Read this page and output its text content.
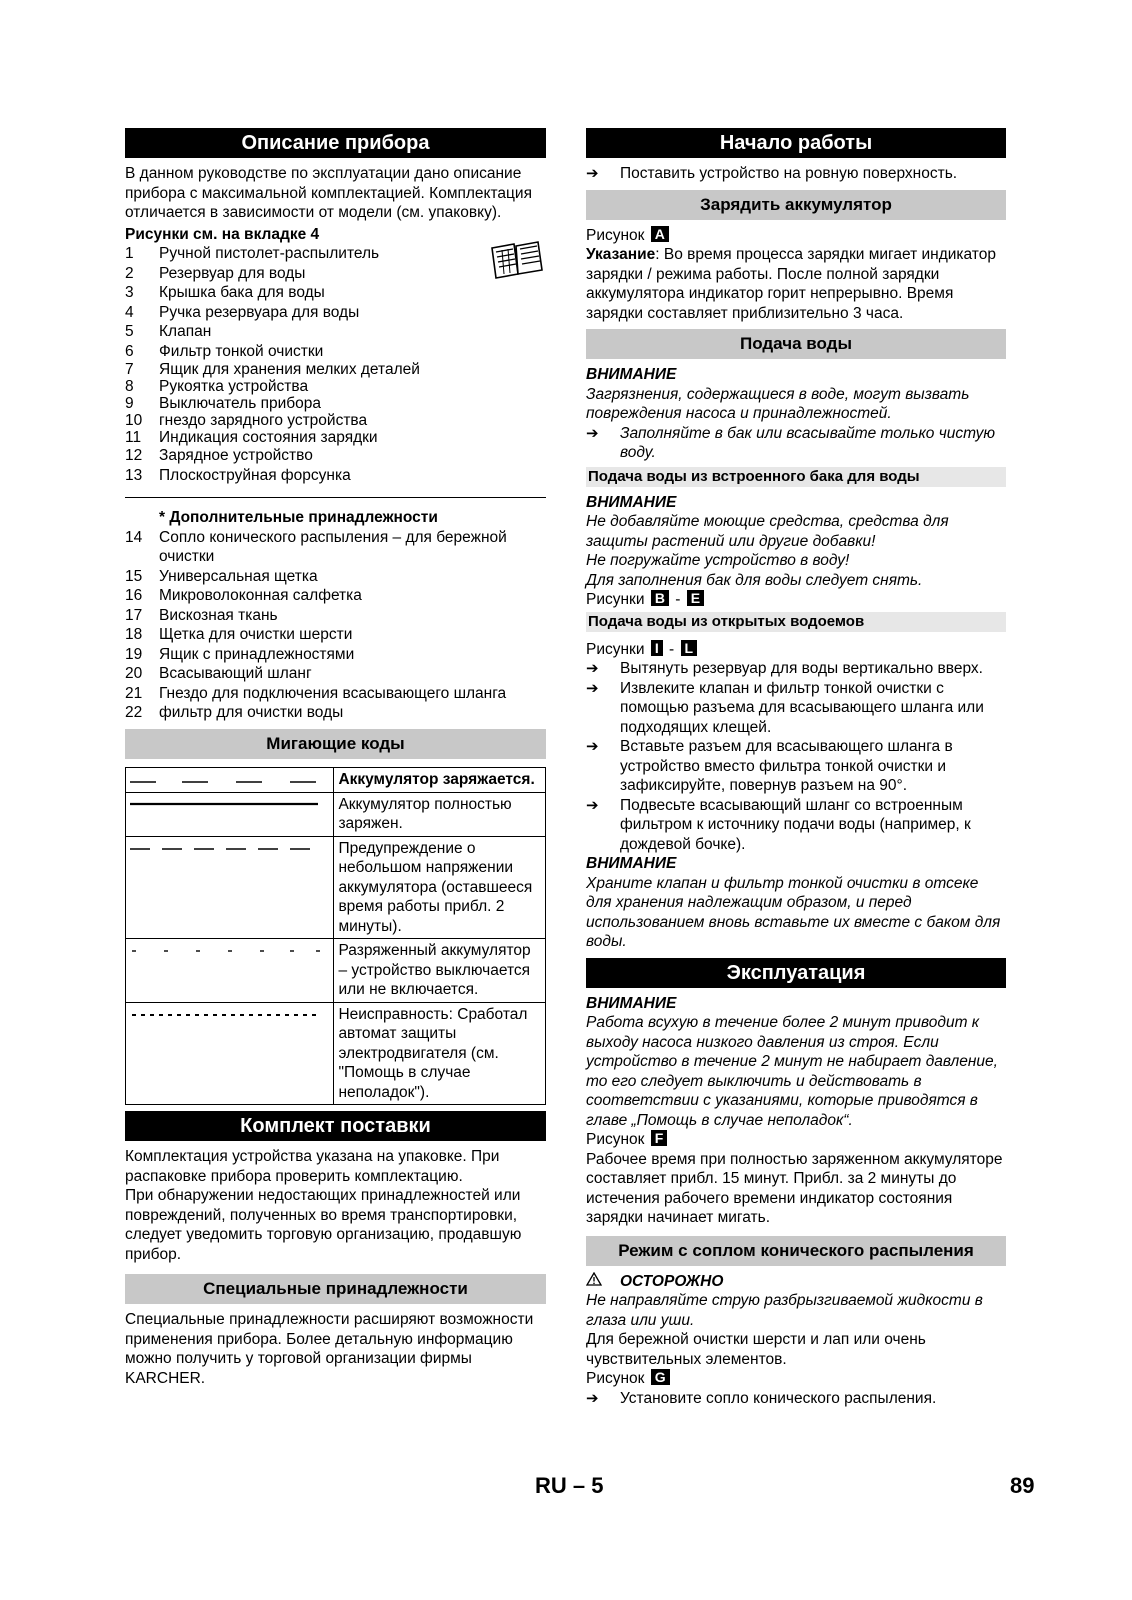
Описание прибора

В данном руководстве по эксплуатации дано описание прибора с максимальной комплектацией. Комплектация отличается в зависимости от модели (см. упаковку).

Рисунки см. на вкладке 4

1	Ручной пистолет-распылитель
2	Резервуар для воды
3	Крышка бака для воды
4	Ручка резервуара для воды
5	Клапан
6	Фильтр тонкой очистки
7	Ящик для хранения мелких деталей
8	Рукоятка устройства
9	Выключатель прибора
10	гнездо зарядного устройства
11	Индикация состояния зарядки
12	Зарядное устройство
13	Плоскоструйная форсунка

* Дополнительные принадлежности

14	Сопло конического распыления – для бережной очистки
15	Универсальная щетка
16	Микроволоконная салфетка
17	Вискозная ткань
18	Щетка для очистки шерсти
19	Ящик с принадлежностями
20	Всасывающий шланг
21	Гнездо для подключения всасывающего шланга
22	фильтр для очистки воды
Мигающие коды
	Аккумулятор заряжается.

	Аккумулятор полностью заряжен.

	Предупреждение о небольшом напряжении аккумулятора (оставшееся время работы прибл. 2 минуты).

	Разряженный аккумулятор – устройство выключается или не включается.

	Неисправность: Сработал автомат защиты электродвигателя (см. "Помощь в случае неполадок").
Комплект поставки

Комплектация устройства указана на упаковке. При распаковке прибора проверить комплектацию.

При обнаружении недостающих принадлежностей или повреждений, полученных во время транспортировки, следует уведомить торговую организацию, продавшую прибор.

Специальные принадлежности

Специальные принадлежности расширяют возможности применения прибора. Более детальную информацию можно получить у торговой организации фирмы KARCHER.

Начало работы
➔	Поставить устройство на ровную поверхность.
Зарядить аккумулятор

Рисунок A

Указание: Во время процесса зарядки мигает индикатор зарядки / режима работы. После полной зарядки аккумулятора индикатор горит непрерывно. Время зарядки составляет приблизительно 3 часа.

Подача воды

ВНИМАНИЕ

Загрязнения, содержащиеся в воде, могут вызвать повреждения насоса и принадлежностей.

➔	Заполняйте в бак или всасывайте только чистую воду.
Подача воды из встроенного бака для воды

ВНИМАНИЕ

Не добавляйте моющие средства, средства для защиты растений или другие добавки!

Не погружайте устройство в воду!

Для заполнения бак для воды следует снять.

Рисунки B - E

Подача воды из открытых водоемов

Рисунки I - L

➔	Вытянуть резервуар для воды вертикально вверх.
➔	Извлеките клапан и фильтр тонкой очистки с помощью разъема для всасывающего шланга или подходящих клещей.
➔	Вставьте разъем для всасывающего шланга в устройство вместо фильтра тонкой очистки и зафиксируйте, повернув разъем на 90°.
➔	Подвесьте всасывающий шланг со встроенным фильтром к источнику подачи воды (например, к дождевой бочке).

ВНИМАНИЕ

Храните клапан и фильтр тонкой очистки в отсеке для хранения надлежащим образом, и перед использованием вновь вставьте их вместе с баком для воды.

Эксплуатация

ВНИМАНИЕ

Работа всухую в течение более 2 минут приводит к выходу насоса низкого давления из строя. Если устройство в течение 2 минут не набирает давление, то его следует выключить и действовать в соответствии с указаниями, которые приводятся в главе „Помощь в случае неполадок“.

Рисунок F

Рабочее время при полностью заряженном аккумуляторе составляет прибл. 15 минут. Прибл. за 2 минуты до истечения рабочего времени индикатор состояния зарядки начинает мигать.

Режим с соплом конического распыления
ОСТОРОЖНО

Не направляйте струю разбрызгиваемой жидкости в глаза или уши.

Для бережной очистки шерсти и лап или очень чувствительных элементов.

Рисунок G

➔	Установите сопло конического распыления.
RU – 5	89
